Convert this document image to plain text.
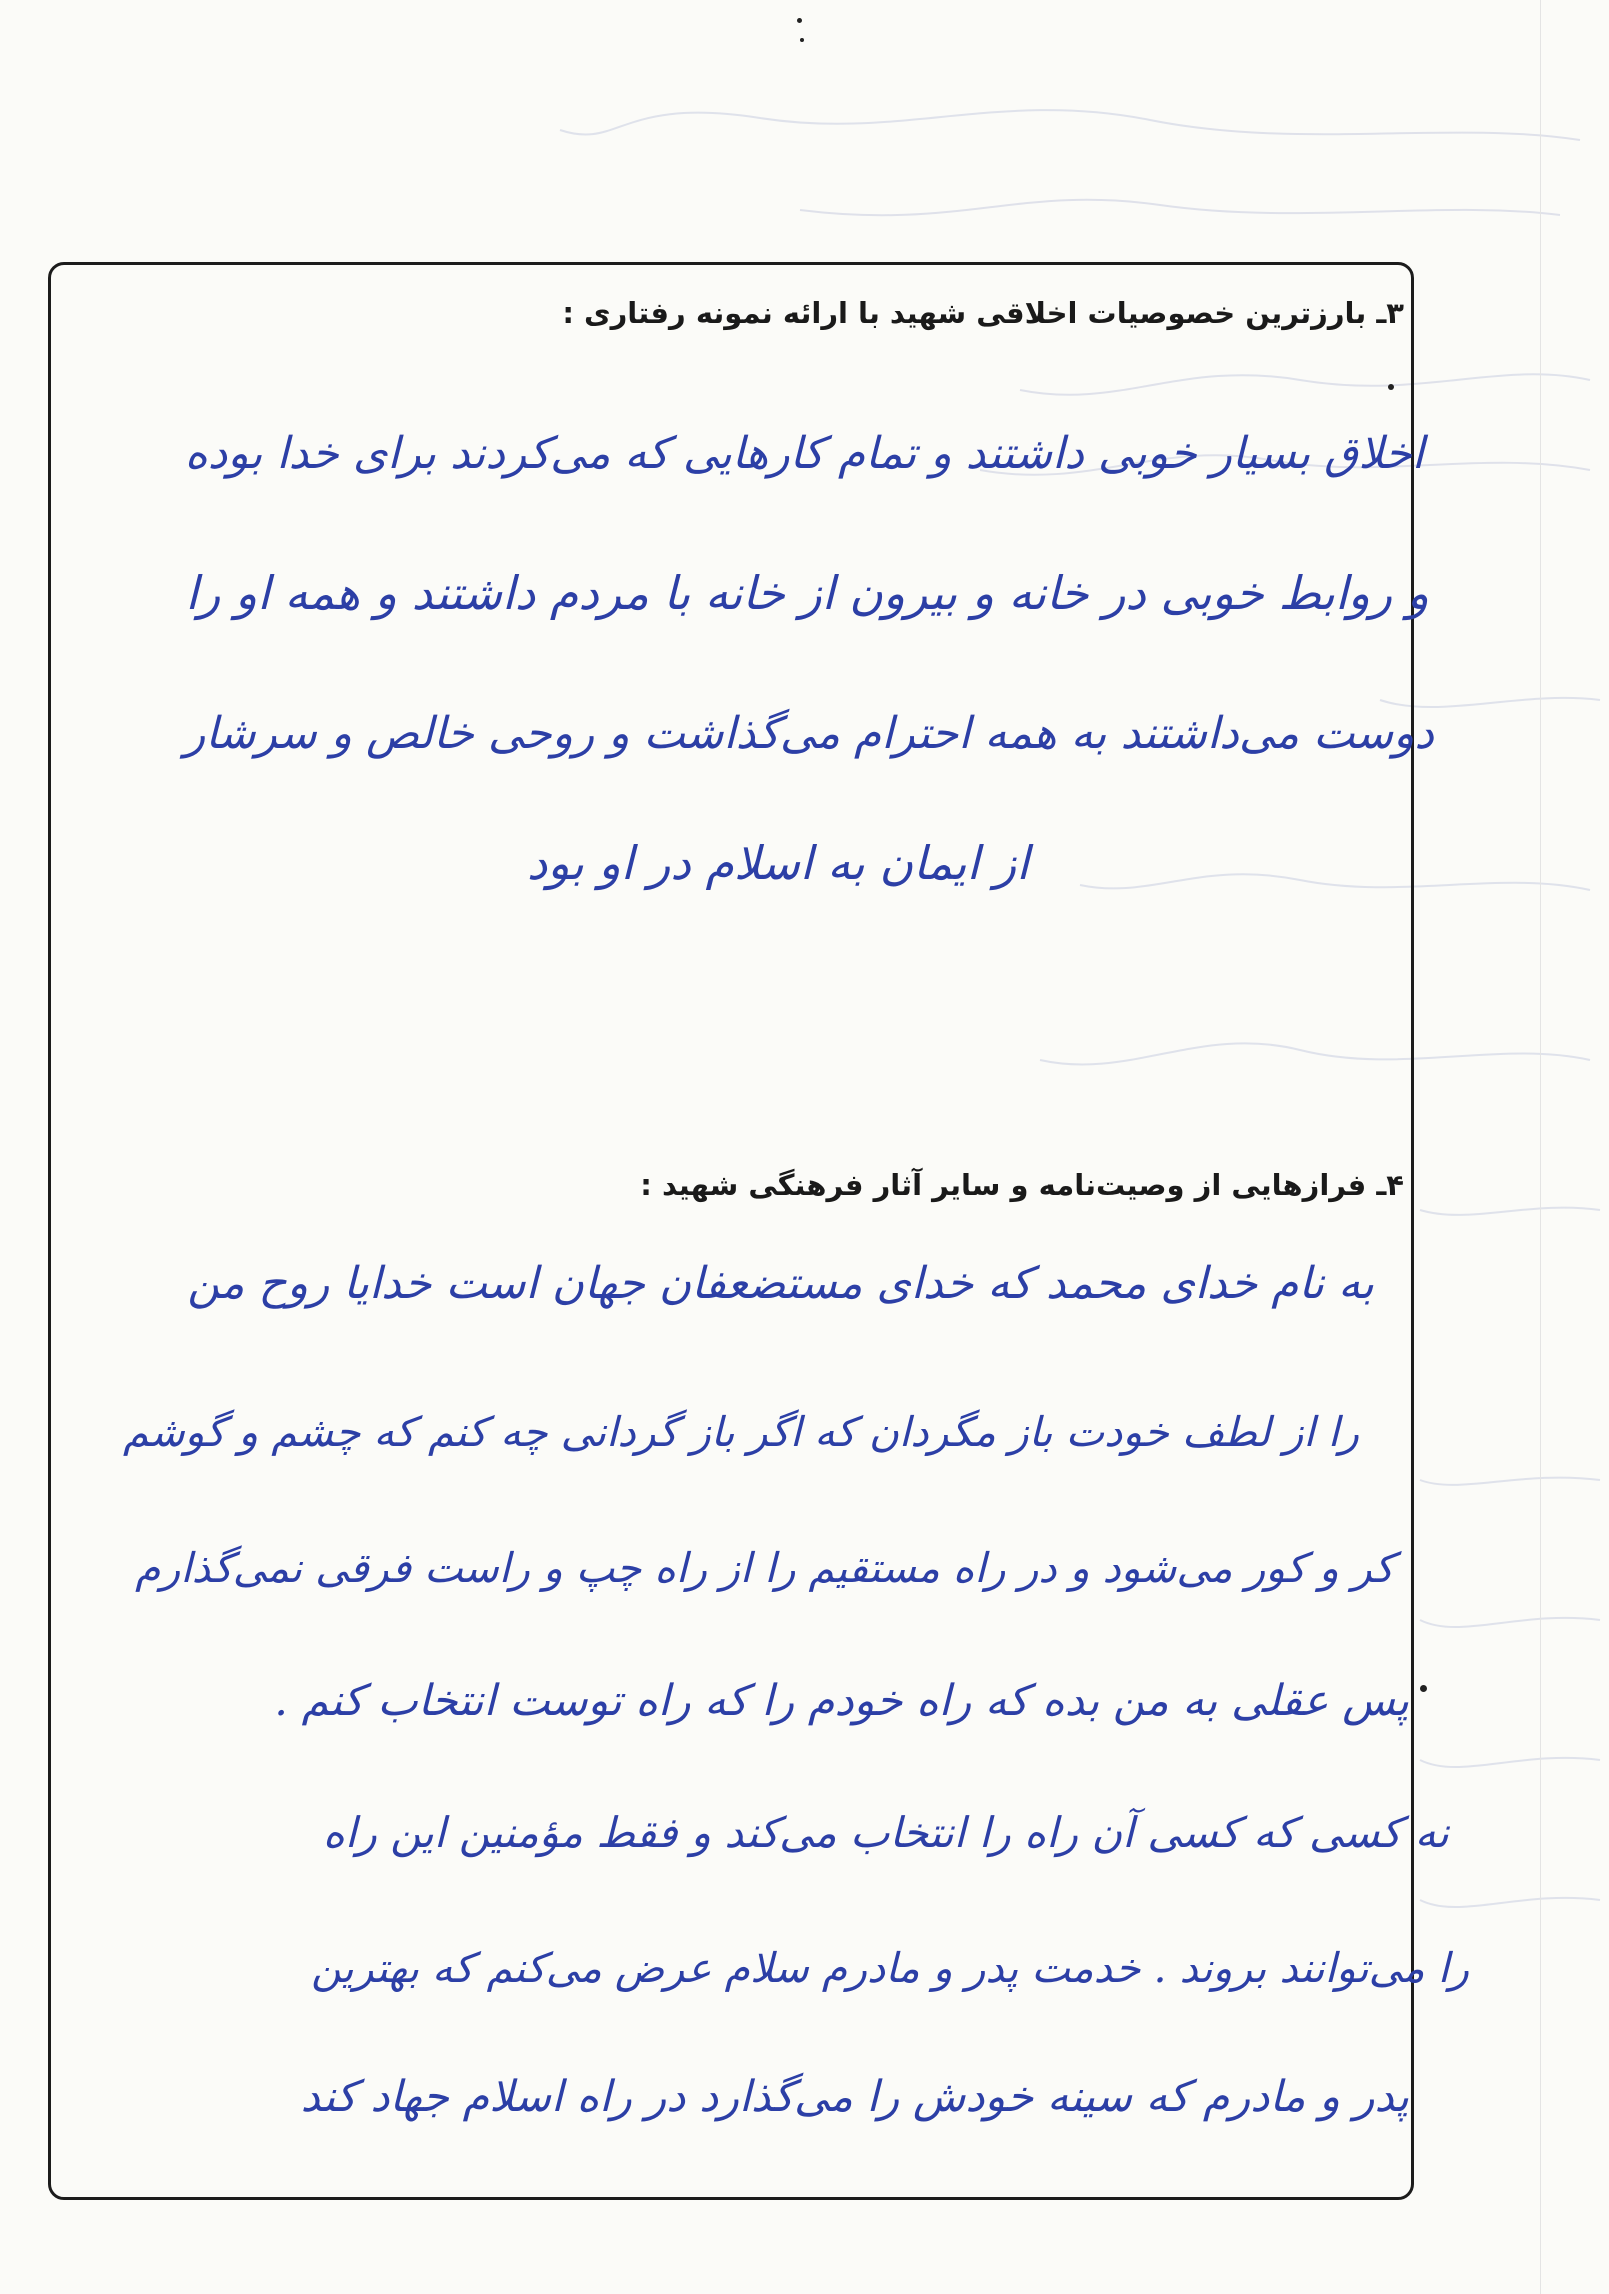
۳ـ بارزترین خصوصیات اخلاقی شهید با ارائه نمونه رفتاری :
اخلاق بسیار خوبی داشتند و تمام کارهایی که می‌کردند برای خدا بوده
و روابط خوبی در خانه و بیرون از خانه با مردم داشتند و همه او را
دوست می‌داشتند به همه احترام می‌گذاشت و روحی خالص و سرشار
از ایمان به اسلام در او بود
۴ـ فرازهایی از وصیت‌نامه و سایر آثار فرهنگی شهید :
به نام خدای محمد که خدای مستضعفان جهان است خدایا روح من
را از لطف خودت باز مگردان که اگر باز گردانی چه کنم که چشم و گوشم
کر و کور می‌شود و در راه مستقیم را از راه چپ و راست فرقی نمی‌گذارم
پس عقلی به من بده که راه خودم را که راه توست انتخاب کنم .
نه کسی که کسی آن راه را انتخاب می‌کند و فقط مؤمنین این راه
را می‌توانند بروند . خدمت پدر و مادرم سلام عرض می‌کنم که بهترین
پدر و مادرم که سینه خودش را می‌گذارد در راه اسلام جهاد کند
